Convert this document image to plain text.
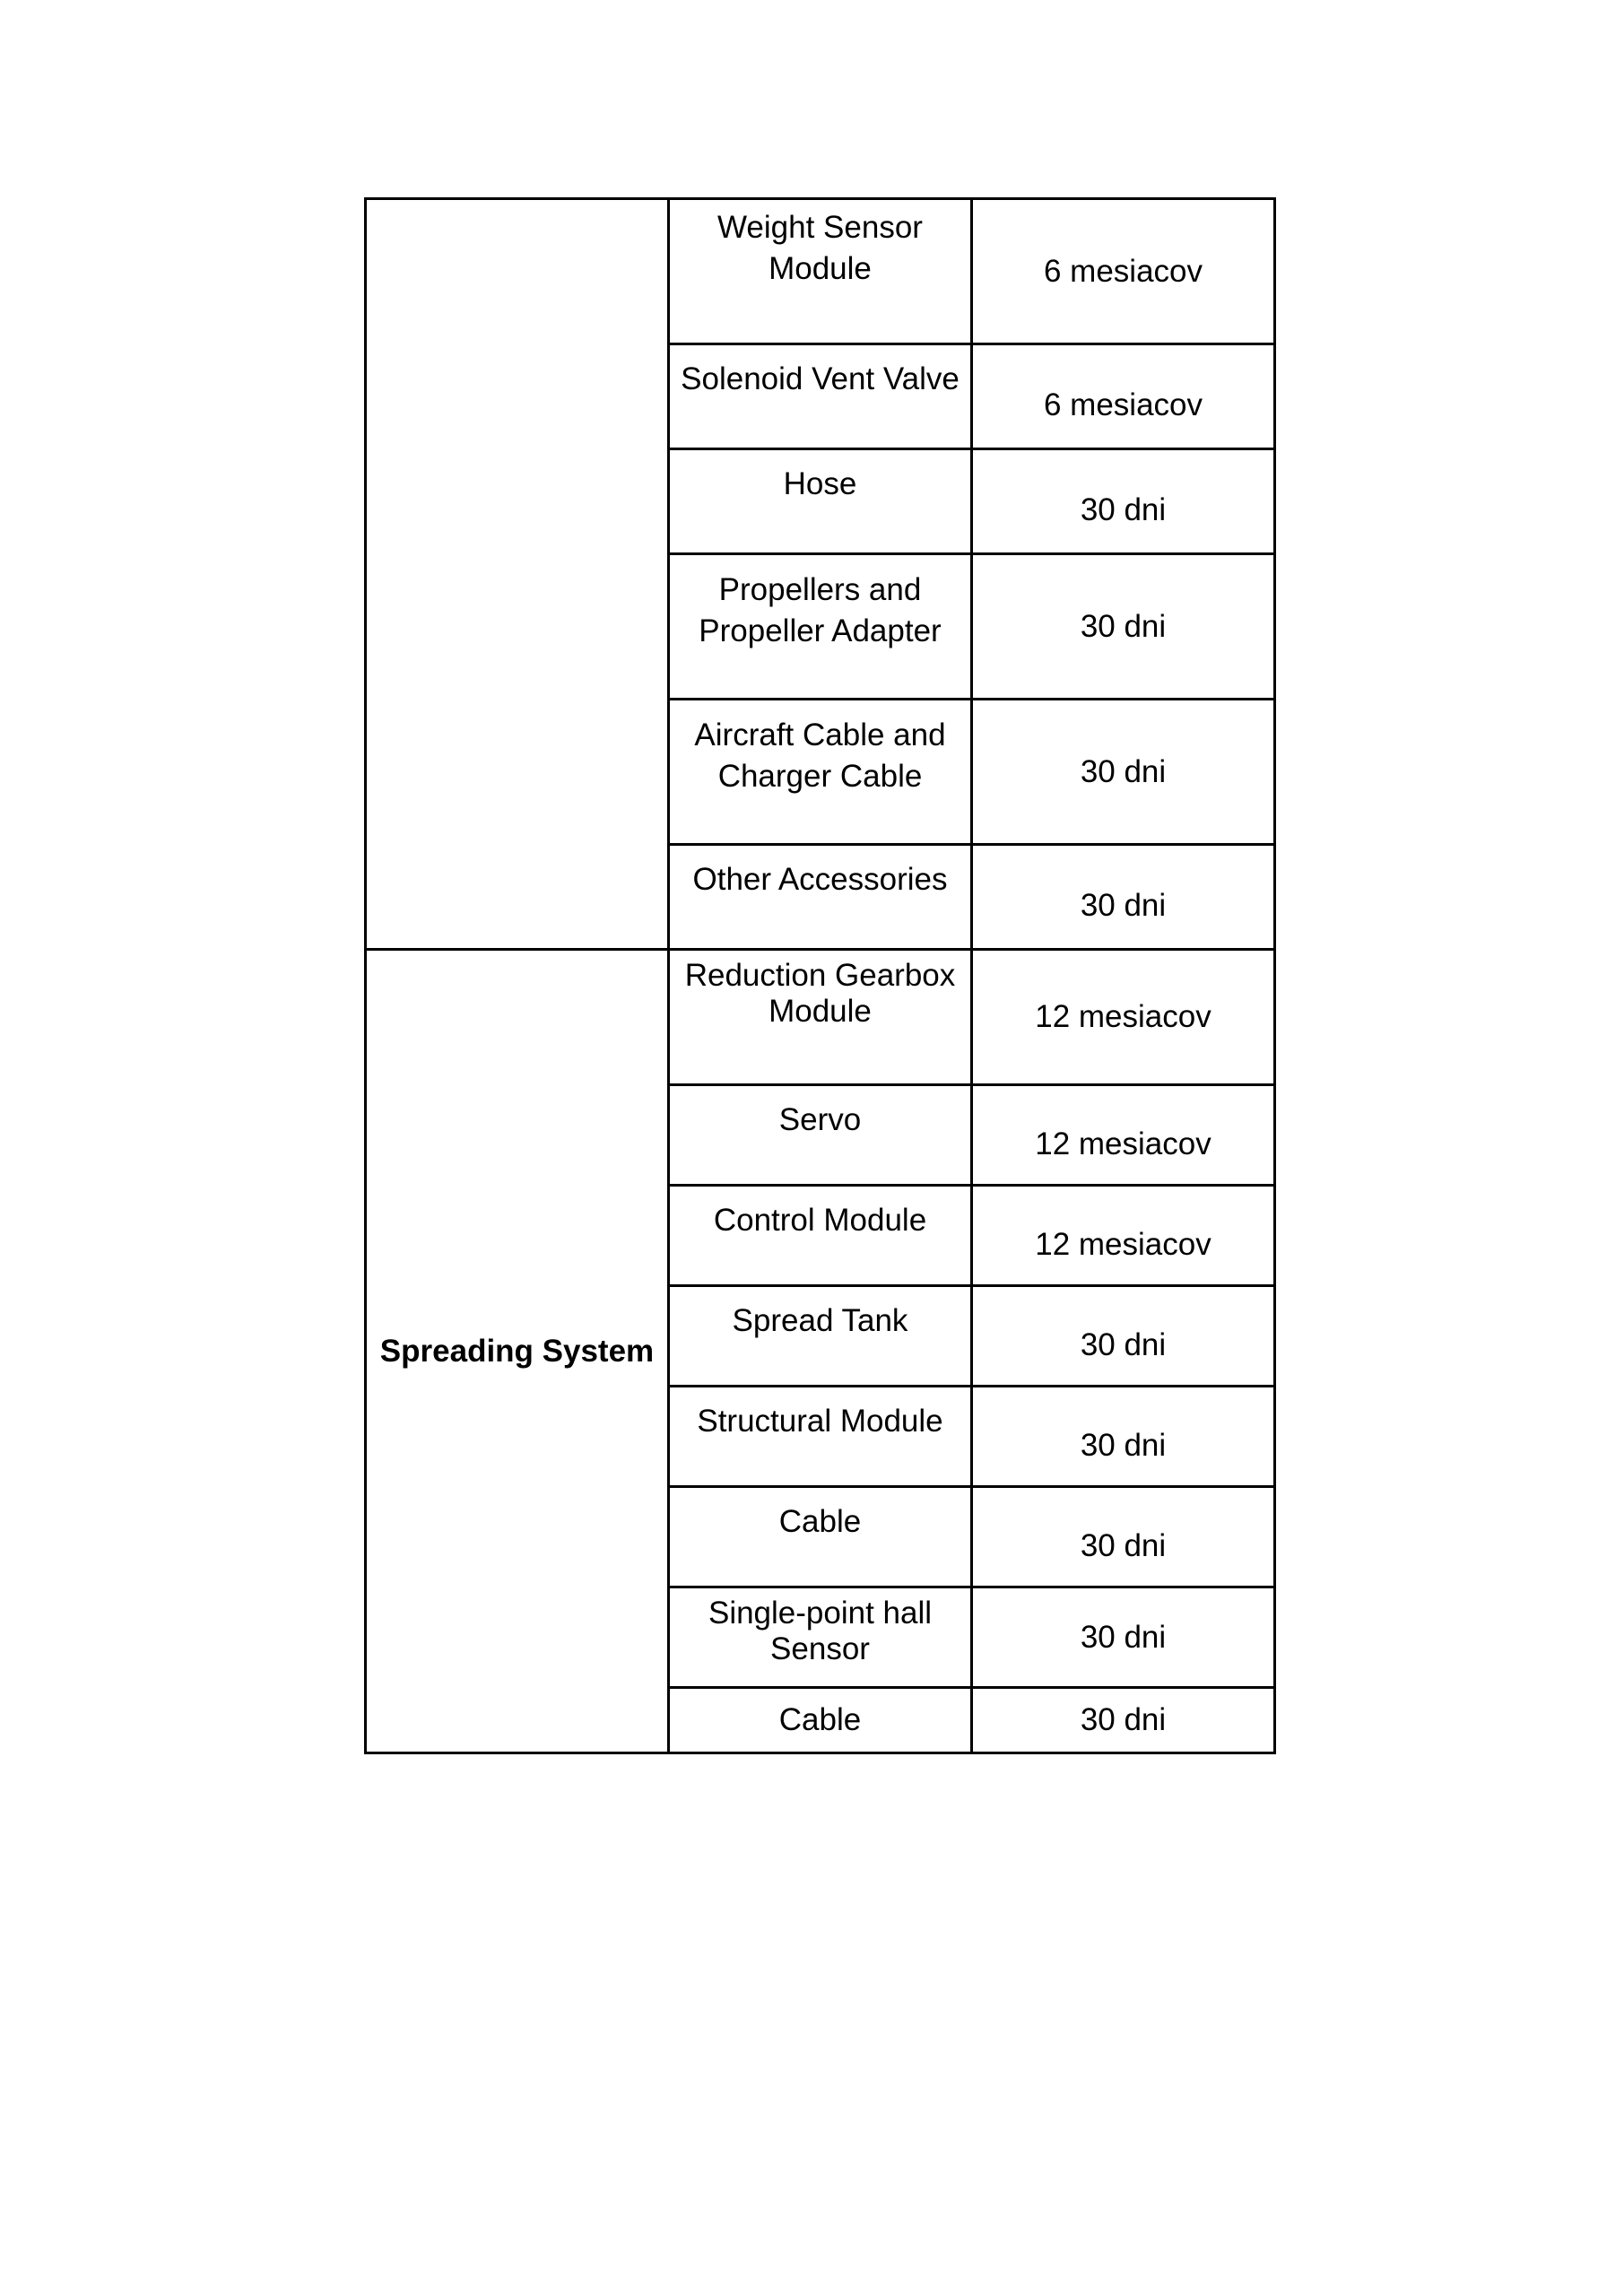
	Weight Sensor Module	6 mesiacov
	Solenoid Vent Valve	6 mesiacov
	Hose	30 dni

	Propellers and Propeller Adapter	30 dni

	Aircraft Cable and Charger Cable	30 dni
	Other Accessories	30 dni
Spreading System	Reduction Gearbox Module	12 mesiacov
	Servo	12 mesiacov
	Control Module	12 mesiacov
	Spread Tank	30 dni
	Structural Module	30 dni
	Cable	30 dni

	Single-point hall Sensor	30 dni
	Cable	30 dni
